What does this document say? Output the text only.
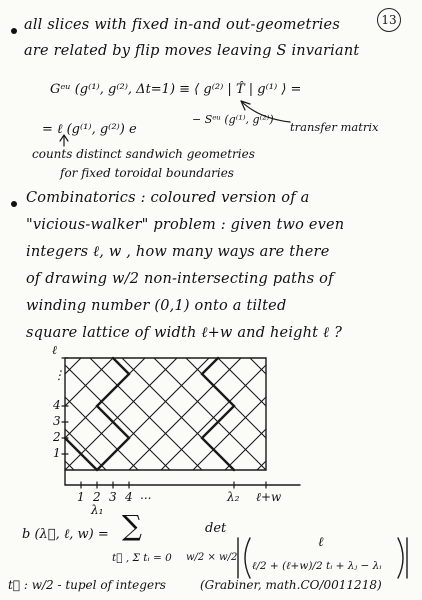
13
all slices with fixed in-and out-geometries
are related by flip moves leaving S invariant
Gᵉᵘ (g⁽¹⁾, g⁽²⁾, Δt=1) ≡ ⟨ g⁽²⁾ | T̂ | g⁽¹⁾ ⟩ =
= ℓ (g⁽¹⁾, g⁽²⁾) e
− Sᵉᵘ (g⁽¹⁾, g⁽²⁾)
transfer matrix
counts distinct sandwich geometries
for fixed toroidal boundaries
Combinatorics : coloured version of a
"vicious-walker" problem : given two even
integers ℓ, w , how many ways are there
of drawing w/2 non-intersecting paths of
winding number (0,1) onto a tilted
square lattice of width ℓ+w and height ℓ ?
ℓ
⋮
4
3
2
1
1 2 3 4 ...	λ₂ ℓ+w
λ₁
b (λ⃗, ℓ, w) = ∑
t⃗ , Σ tᵢ = 0
det
w/2 × w/2
ℓ
ℓ/2 + (ℓ+w)/2 tᵢ + λⱼ − λᵢ
t⃗ : w/2 - tupel of integers	(Grabiner, math.CO/0011218)
